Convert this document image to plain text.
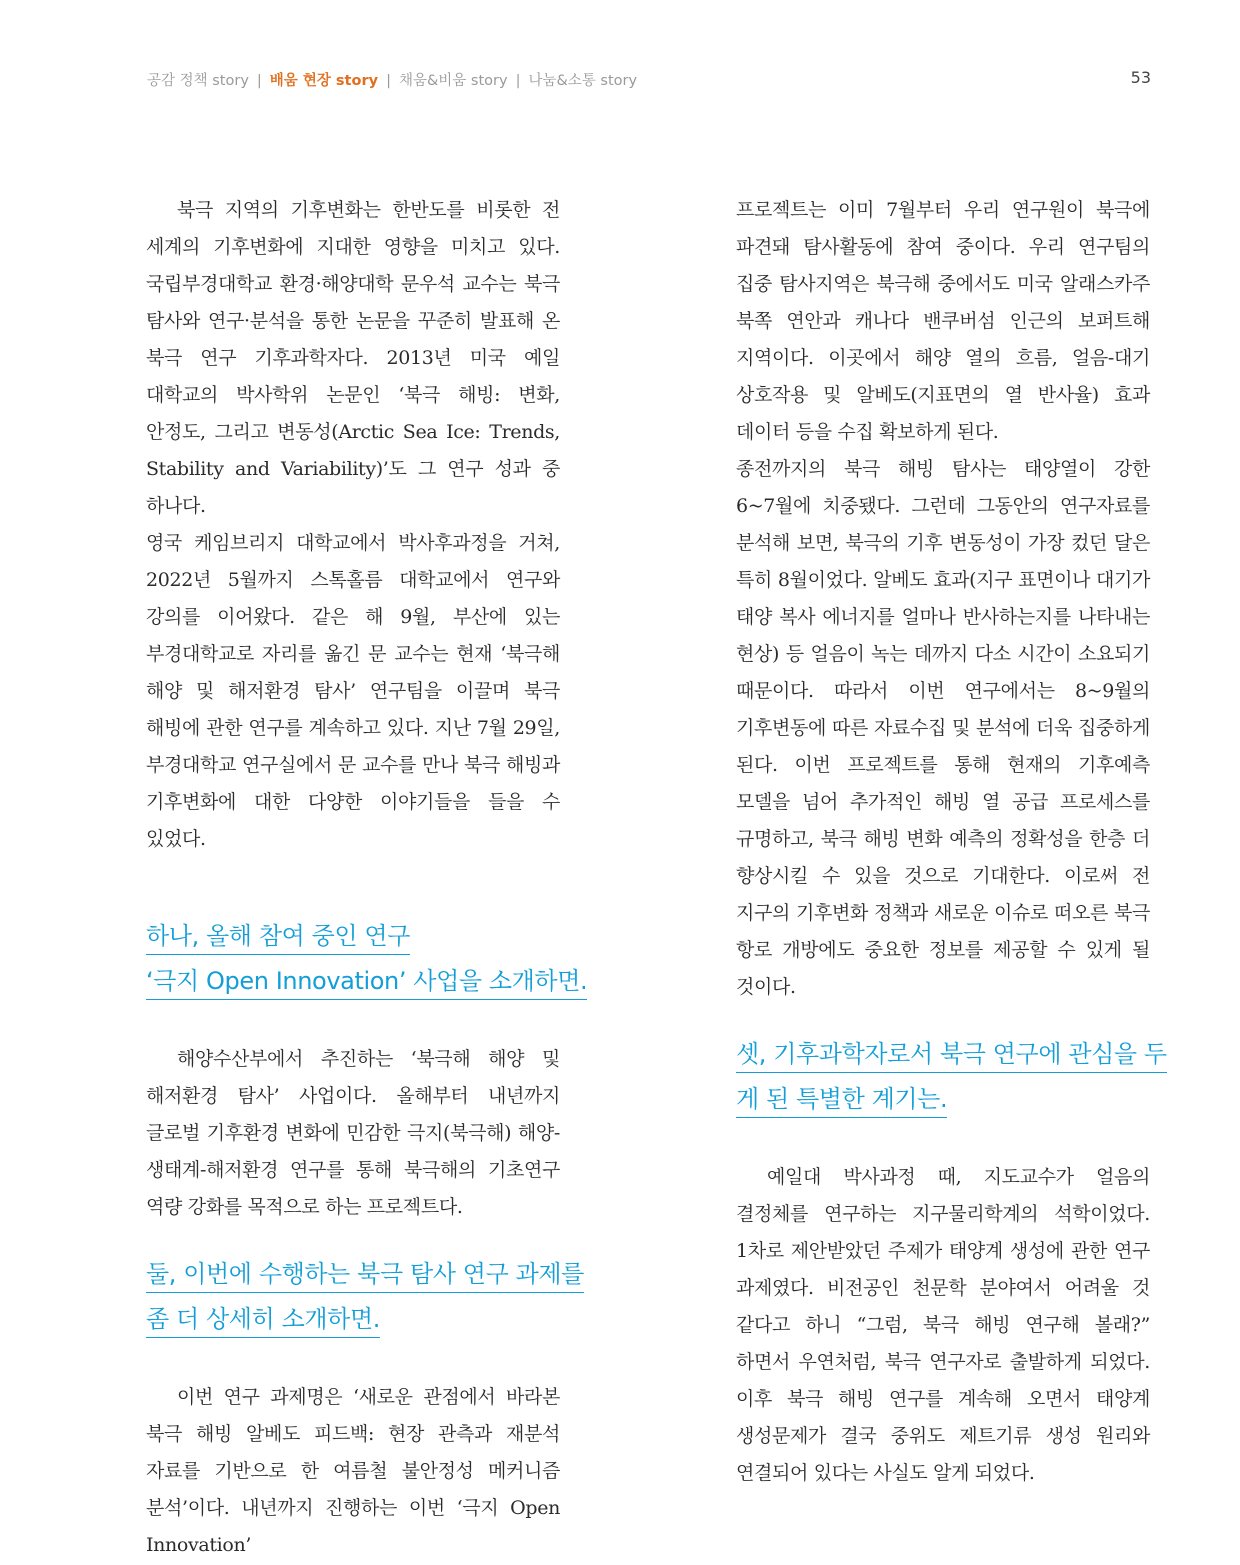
공감 정책 story | 배움 현장 story | 채움&비움 story | 나눔&소통 story	53

북극 지역의 기후변화는 한반도를 비롯한 전 세계의 기후변화에 지대한 영향을 미치고 있다. 국립부경대학교 환경·해양대학 문우석 교수는 북극 탐사와 연구·분석을 통한 논문을 꾸준히 발표해 온 북극 연구 기후과학자다. 2013년 미국 예일 대학교의 박사학위 논문인 ‘북극 해빙: 변화, 안정도, 그리고 변동성(Arctic Sea Ice: Trends, Stability and Variability)’도 그 연구 성과 중 하나다.

영국 케임브리지 대학교에서 박사후과정을 거쳐, 2022년 5월까지 스톡홀름 대학교에서 연구와 강의를 이어왔다. 같은 해 9월, 부산에 있는 부경대학교로 자리를 옮긴 문 교수는 현재 ‘북극해 해양 및 해저환경 탐사’ 연구팀을 이끌며 북극 해빙에 관한 연구를 계속하고 있다. 지난 7월 29일, 부경대학교 연구실에서 문 교수를 만나 북극 해빙과 기후변화에 대한 다양한 이야기들을 들을 수 있었다.

하나, 올해 참여 중인 연구
‘극지 Open Innovation’ 사업을 소개하면.

해양수산부에서 추진하는 ‘북극해 해양 및 해저환경 탐사’ 사업이다. 올해부터 내년까지 글로벌 기후환경 변화에 민감한 극지(북극해) 해양-생태계-해저환경 연구를 통해 북극해의 기초연구 역량 강화를 목적으로 하는 프로젝트다.

둘, 이번에 수행하는 북극 탐사 연구 과제를
좀 더 상세히 소개하면.

이번 연구 과제명은 ‘새로운 관점에서 바라본 북극 해빙 알베도 피드백: 현장 관측과 재분석 자료를 기반으로 한 여름철 불안정성 메커니즘 분석’이다. 내년까지 진행하는 이번 ‘극지 Open Innovation’

프로젝트는 이미 7월부터 우리 연구원이 북극에 파견돼 탐사활동에 참여 중이다. 우리 연구팀의 집중 탐사지역은 북극해 중에서도 미국 알래스카주 북쪽 연안과 캐나다 밴쿠버섬 인근의 보퍼트해 지역이다. 이곳에서 해양 열의 흐름, 얼음-대기 상호작용 및 알베도(지표면의 열 반사율) 효과 데이터 등을 수집 확보하게 된다.

종전까지의 북극 해빙 탐사는 태양열이 강한 6~7월에 치중됐다. 그런데 그동안의 연구자료를 분석해 보면, 북극의 기후 변동성이 가장 컸던 달은 특히 8월이었다. 알베도 효과(지구 표면이나 대기가 태양 복사 에너지를 얼마나 반사하는지를 나타내는 현상) 등 얼음이 녹는 데까지 다소 시간이 소요되기 때문이다. 따라서 이번 연구에서는 8~9월의 기후변동에 따른 자료수집 및 분석에 더욱 집중하게 된다. 이번 프로젝트를 통해 현재의 기후예측 모델을 넘어 추가적인 해빙 열 공급 프로세스를 규명하고, 북극 해빙 변화 예측의 정확성을 한층 더 향상시킬 수 있을 것으로 기대한다. 이로써 전 지구의 기후변화 정책과 새로운 이슈로 떠오른 북극 항로 개방에도 중요한 정보를 제공할 수 있게 될 것이다.

셋, 기후과학자로서 북극 연구에 관심을 두
게 된 특별한 계기는.

예일대 박사과정 때, 지도교수가 얼음의 결정체를 연구하는 지구물리학계의 석학이었다. 1차로 제안받았던 주제가 태양계 생성에 관한 연구 과제였다. 비전공인 천문학 분야여서 어려울 것 같다고 하니 “그럼, 북극 해빙 연구해 볼래?” 하면서 우연처럼, 북극 연구자로 출발하게 되었다. 이후 북극 해빙 연구를 계속해 오면서 태양계 생성문제가 결국 중위도 제트기류 생성 원리와 연결되어 있다는 사실도 알게 되었다.
